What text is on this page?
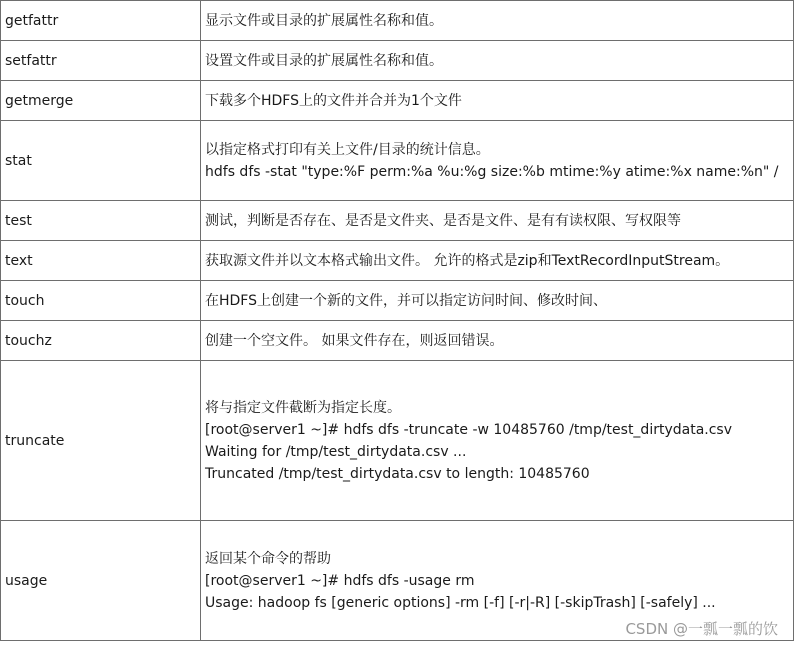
getfattr	显示文件或目录的扩展属性名称和值。

setfattr	设置文件或目录的扩展属性名称和值。

getmerge	下载多个HDFS上的文件并合并为1个文件

stat	以指定格式打印有关上文件/目录的统计信息。
hdfs dfs -stat "type:%F perm:%a %u:%g size:%b mtime:%y atime:%x name:%n" /

test	测试，判断是否存在、是否是文件夹、是否是文件、是有有读权限、写权限等

text	获取源文件并以文本格式输出文件。 允许的格式是zip和TextRecordInputStream。

touch	在HDFS上创建一个新的文件，并可以指定访问时间、修改时间、

touchz	创建一个空文件。 如果文件存在，则返回错误。

truncate	将与指定文件截断为指定长度。
[root@server1 ~]# hdfs dfs -truncate -w 10485760 /tmp/test_dirtydata.csv
Waiting for /tmp/test_dirtydata.csv ...
Truncated /tmp/test_dirtydata.csv to length: 10485760

usage	返回某个命令的帮助
[root@server1 ~]# hdfs dfs -usage rm
Usage: hadoop fs [generic options] -rm [-f] [-r|-R] [-skipTrash] [-safely] ...
CSDN @一瓢一瓢的饮
